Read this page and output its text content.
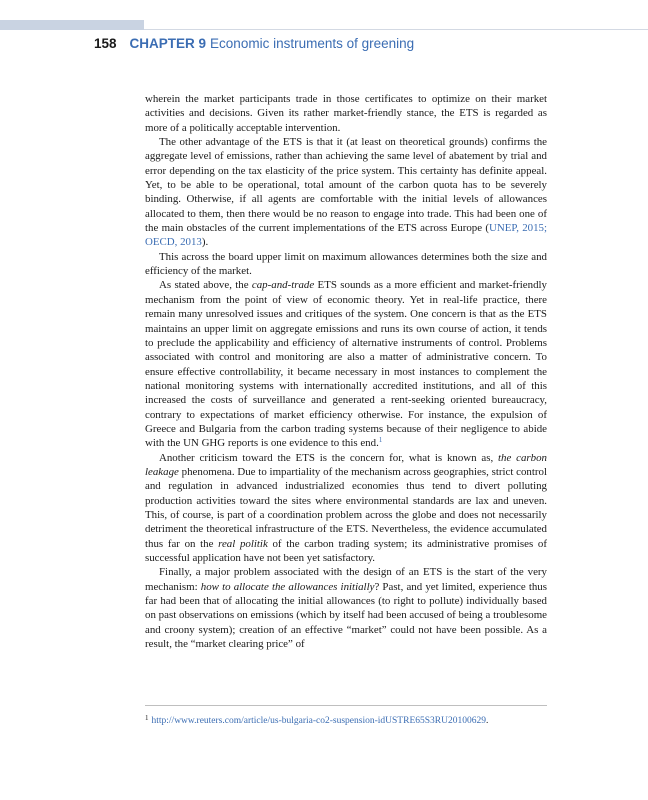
158 CHAPTER 9 Economic instruments of greening

wherein the market participants trade in those certificates to optimize on their market activities and decisions. Given its rather market-friendly stance, the ETS is regarded as more of a politically acceptable intervention.

The other advantage of the ETS is that it (at least on theoretical grounds) confirms the aggregate level of emissions, rather than achieving the same level of abatement by trial and error depending on the tax elasticity of the price system. This certainty has definite appeal. Yet, to be able to be operational, total amount of the carbon quota has to be severely binding. Otherwise, if all agents are comfortable with the initial levels of allowances allocated to them, then there would be no reason to engage into trade. This had been one of the main obstacles of the current implementations of the ETS across Europe (UNEP, 2015; OECD, 2013).

This across the board upper limit on maximum allowances determines both the size and efficiency of the market.

As stated above, the cap-and-trade ETS sounds as a more efficient and market-friendly mechanism from the point of view of economic theory. Yet in real-life practice, there remain many unresolved issues and critiques of the system. One concern is that as the ETS maintains an upper limit on aggregate emissions and runs its own course of action, it tends to preclude the applicability and efficiency of alternative instruments of control. Problems associated with control and monitoring are also a matter of administrative concern. To ensure effective controllability, it became necessary in most instances to complement the national monitoring systems with internationally accredited institutions, and all of this increased the costs of surveillance and generated a rent-seeking oriented bureaucracy, contrary to expectations of market efficiency otherwise. For instance, the expulsion of Greece and Bulgaria from the carbon trading systems because of their negligence to abide with the UN GHG reports is one evidence to this end.$^1$

Another criticism toward the ETS is the concern for, what is known as, the carbon leakage phenomena. Due to impartiality of the mechanism across geographies, strict control and regulation in advanced industrialized economies thus tend to divert polluting production activities toward the sites where environmental standards are lax and uneven. This, of course, is part of a coordination problem across the globe and does not necessarily detriment the theoretical infrastructure of the ETS. Nevertheless, the evidence accumulated thus far on the real politik of the carbon trading system; its administrative promises of successful application have not been yet satisfactory.

Finally, a major problem associated with the design of an ETS is the start of the very mechanism: how to allocate the allowances initially? Past, and yet limited, experience thus far had been that of allocating the initial allowances (to right to pollute) individually based on past observations on emissions (which by itself had been accused of being a troublesome and croony system); creation of an effective “market” could not have been possible. As a result, the “market clearing price” of

$^1$ http://www.reuters.com/article/us-bulgaria-co2-suspension-idUSTRE65S3RU20100629.
